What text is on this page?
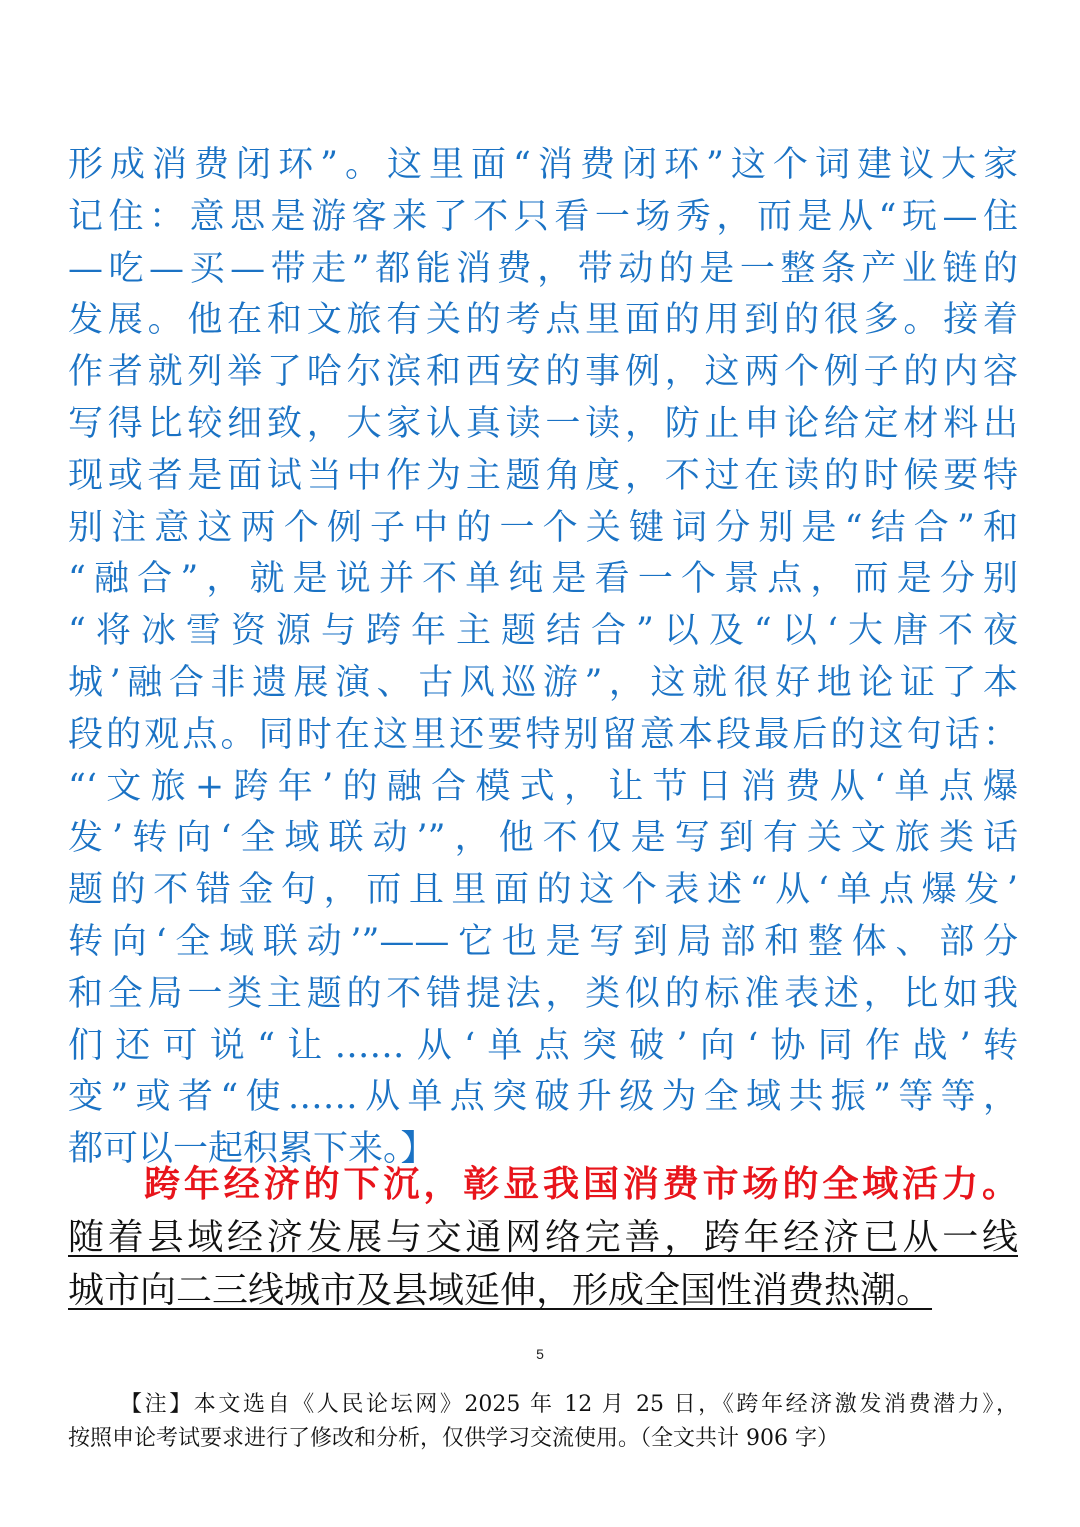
形成消费闭环”。这里面“消费闭环”这个词建议大家
记住：意思是游客来了不只看一场秀，而是从“玩—住
—吃—买—带走”都能消费，带动的是一整条产业链的
发展。他在和文旅有关的考点里面的用到的很多。接着
作者就列举了哈尔滨和西安的事例，这两个例子的内容
写得比较细致，大家认真读一读，防止申论给定材料出
现或者是面试当中作为主题角度，不过在读的时候要特
别注意这两个例子中的一个关键词分别是“结合”和
“融合”，就是说并不单纯是看一个景点，而是分别
“将冰雪资源与跨年主题结合”以及“以‘大唐不夜
城’融合非遗展演、古风巡游”，这就很好地论证了本
段的观点。同时在这里还要特别留意本段最后的这句话：
“‘文旅+跨年’的融合模式，让节日消费从‘单点爆
发’转向‘全域联动’”，他不仅是写到有关文旅类话
题的不错金句，而且里面的这个表述“从‘单点爆发’
转向‘全域联动’”——它也是写到局部和整体、部分
和全局一类主题的不错提法，类似的标准表述，比如我
们还可说“让……从‘单点突破’向‘协同作战’转
变”或者“使……从单点突破升级为全域共振”等等，
都可以一起积累下来。】
跨年经济的下沉，彰显我国消费市场的全域活力。
随着县域经济发展与交通网络完善，跨年经济已从一线
城市向二三线城市及县域延伸，形成全国性消费热潮。
5
【注】本文选自《人民论坛网》2025 年 12 月 25 日，《跨年经济激发消费潜力》，
按照申论考试要求进行了修改和分析，仅供学习交流使用。（全文共计 906 字）
